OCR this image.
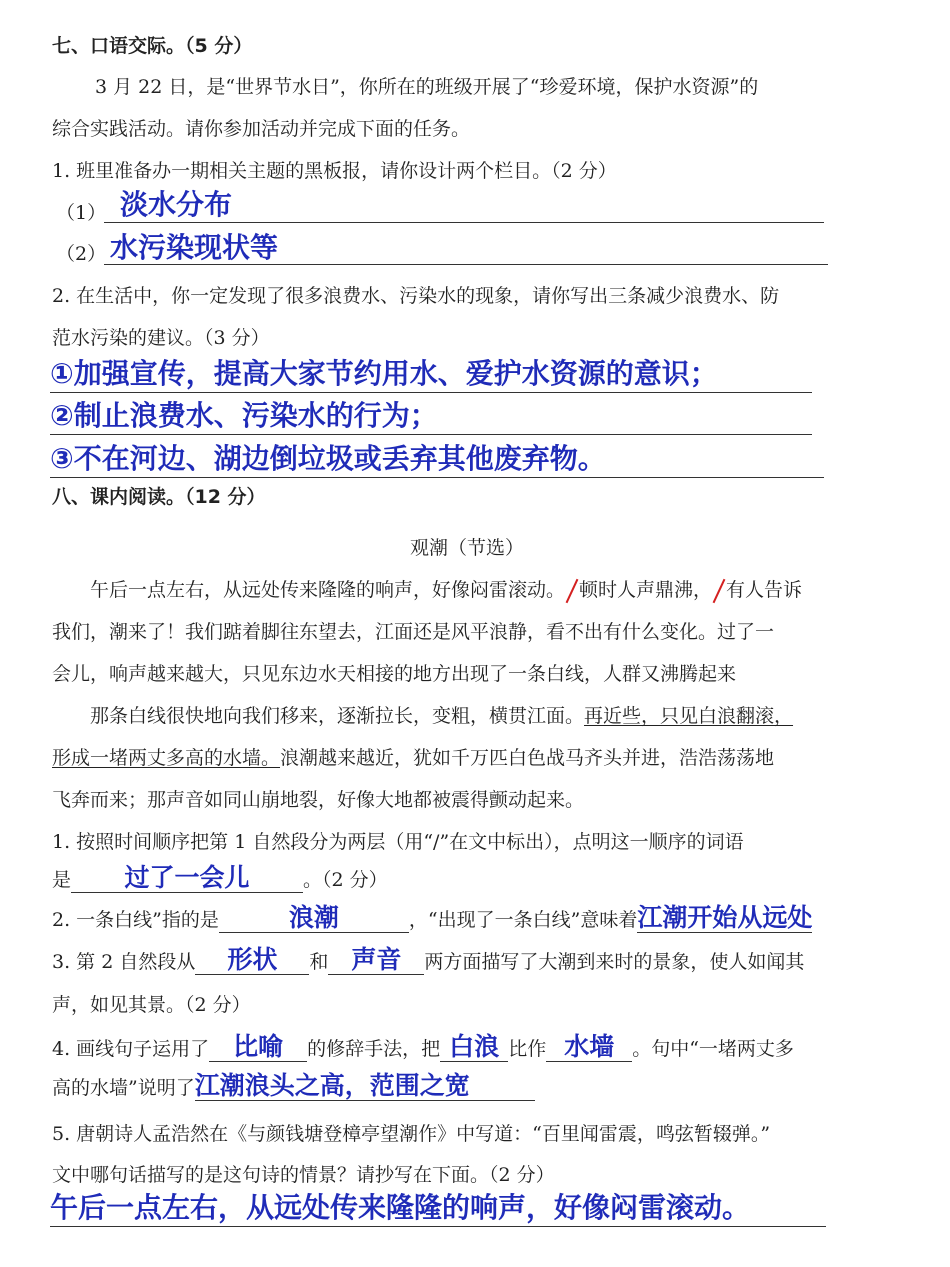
七、口语交际。（5 分）
3 月 22 日，是“世界节水日”，你所在的班级开展了“珍爱环境，保护水资源”的
综合实践活动。请你参加活动并完成下面的任务。
1. 班里准备办一期相关主题的黑板报，请你设计两个栏目。（2 分）
（1） 淡水分布
（2） 水污染现状等
2. 在生活中，你一定发现了很多浪费水、污染水的现象，请你写出三条减少浪费水、防
范水污染的建议。（3 分）
①加强宣传，提高大家节约用水、爱护水资源的意识；
②制止浪费水、污染水的行为；
③不在河边、湖边倒垃圾或丢弃其他废弃物。
八、课内阅读。（12 分）
观潮（节选）
午后一点左右，从远处传来隆隆的响声，好像闷雷滚动。 顿时人声鼎沸， 有人告诉
我们，潮来了！我们踮着脚往东望去，江面还是风平浪静，看不出有什么变化。过了一
会儿，响声越来越大，只见东边水天相接的地方出现了一条白线，人群又沸腾起来
那条白线很快地向我们移来，逐渐拉长，变粗，横贯江面。再近些，只见白浪翻滚，
形成一堵两丈多高的水墙。浪潮越来越近，犹如千万匹白色战马齐头并进，浩浩荡荡地
飞奔而来；那声音如同山崩地裂，好像大地都被震得颤动起来。
1. 按照时间顺序把第 1 自然段分为两层（用“/”在文中标出），点明这一顺序的词语
是 过了一会儿	。（2 分）
2. 一条白线”指的是	浪潮	，“出现了一条白线”意味着江潮开始从远处
3. 第 2 自然段从 形状 和 声音 两方面描写了大潮到来时的景象，使人如闻其
声，如见其景。（2 分）
4. 画线句子运用了 比喻 的修辞手法，把 白浪 比作 水墙 。句中“一堵两丈多
高的水墙”说明了江潮浪头之高，范围之宽
5. 唐朝诗人孟浩然在《与颜钱塘登樟亭望潮作》中写道：“百里闻雷震，鸣弦暂辍弹。”
文中哪句话描写的是这句诗的情景？请抄写在下面。（2 分）
午后一点左右，从远处传来隆隆的响声，好像闷雷滚动。
